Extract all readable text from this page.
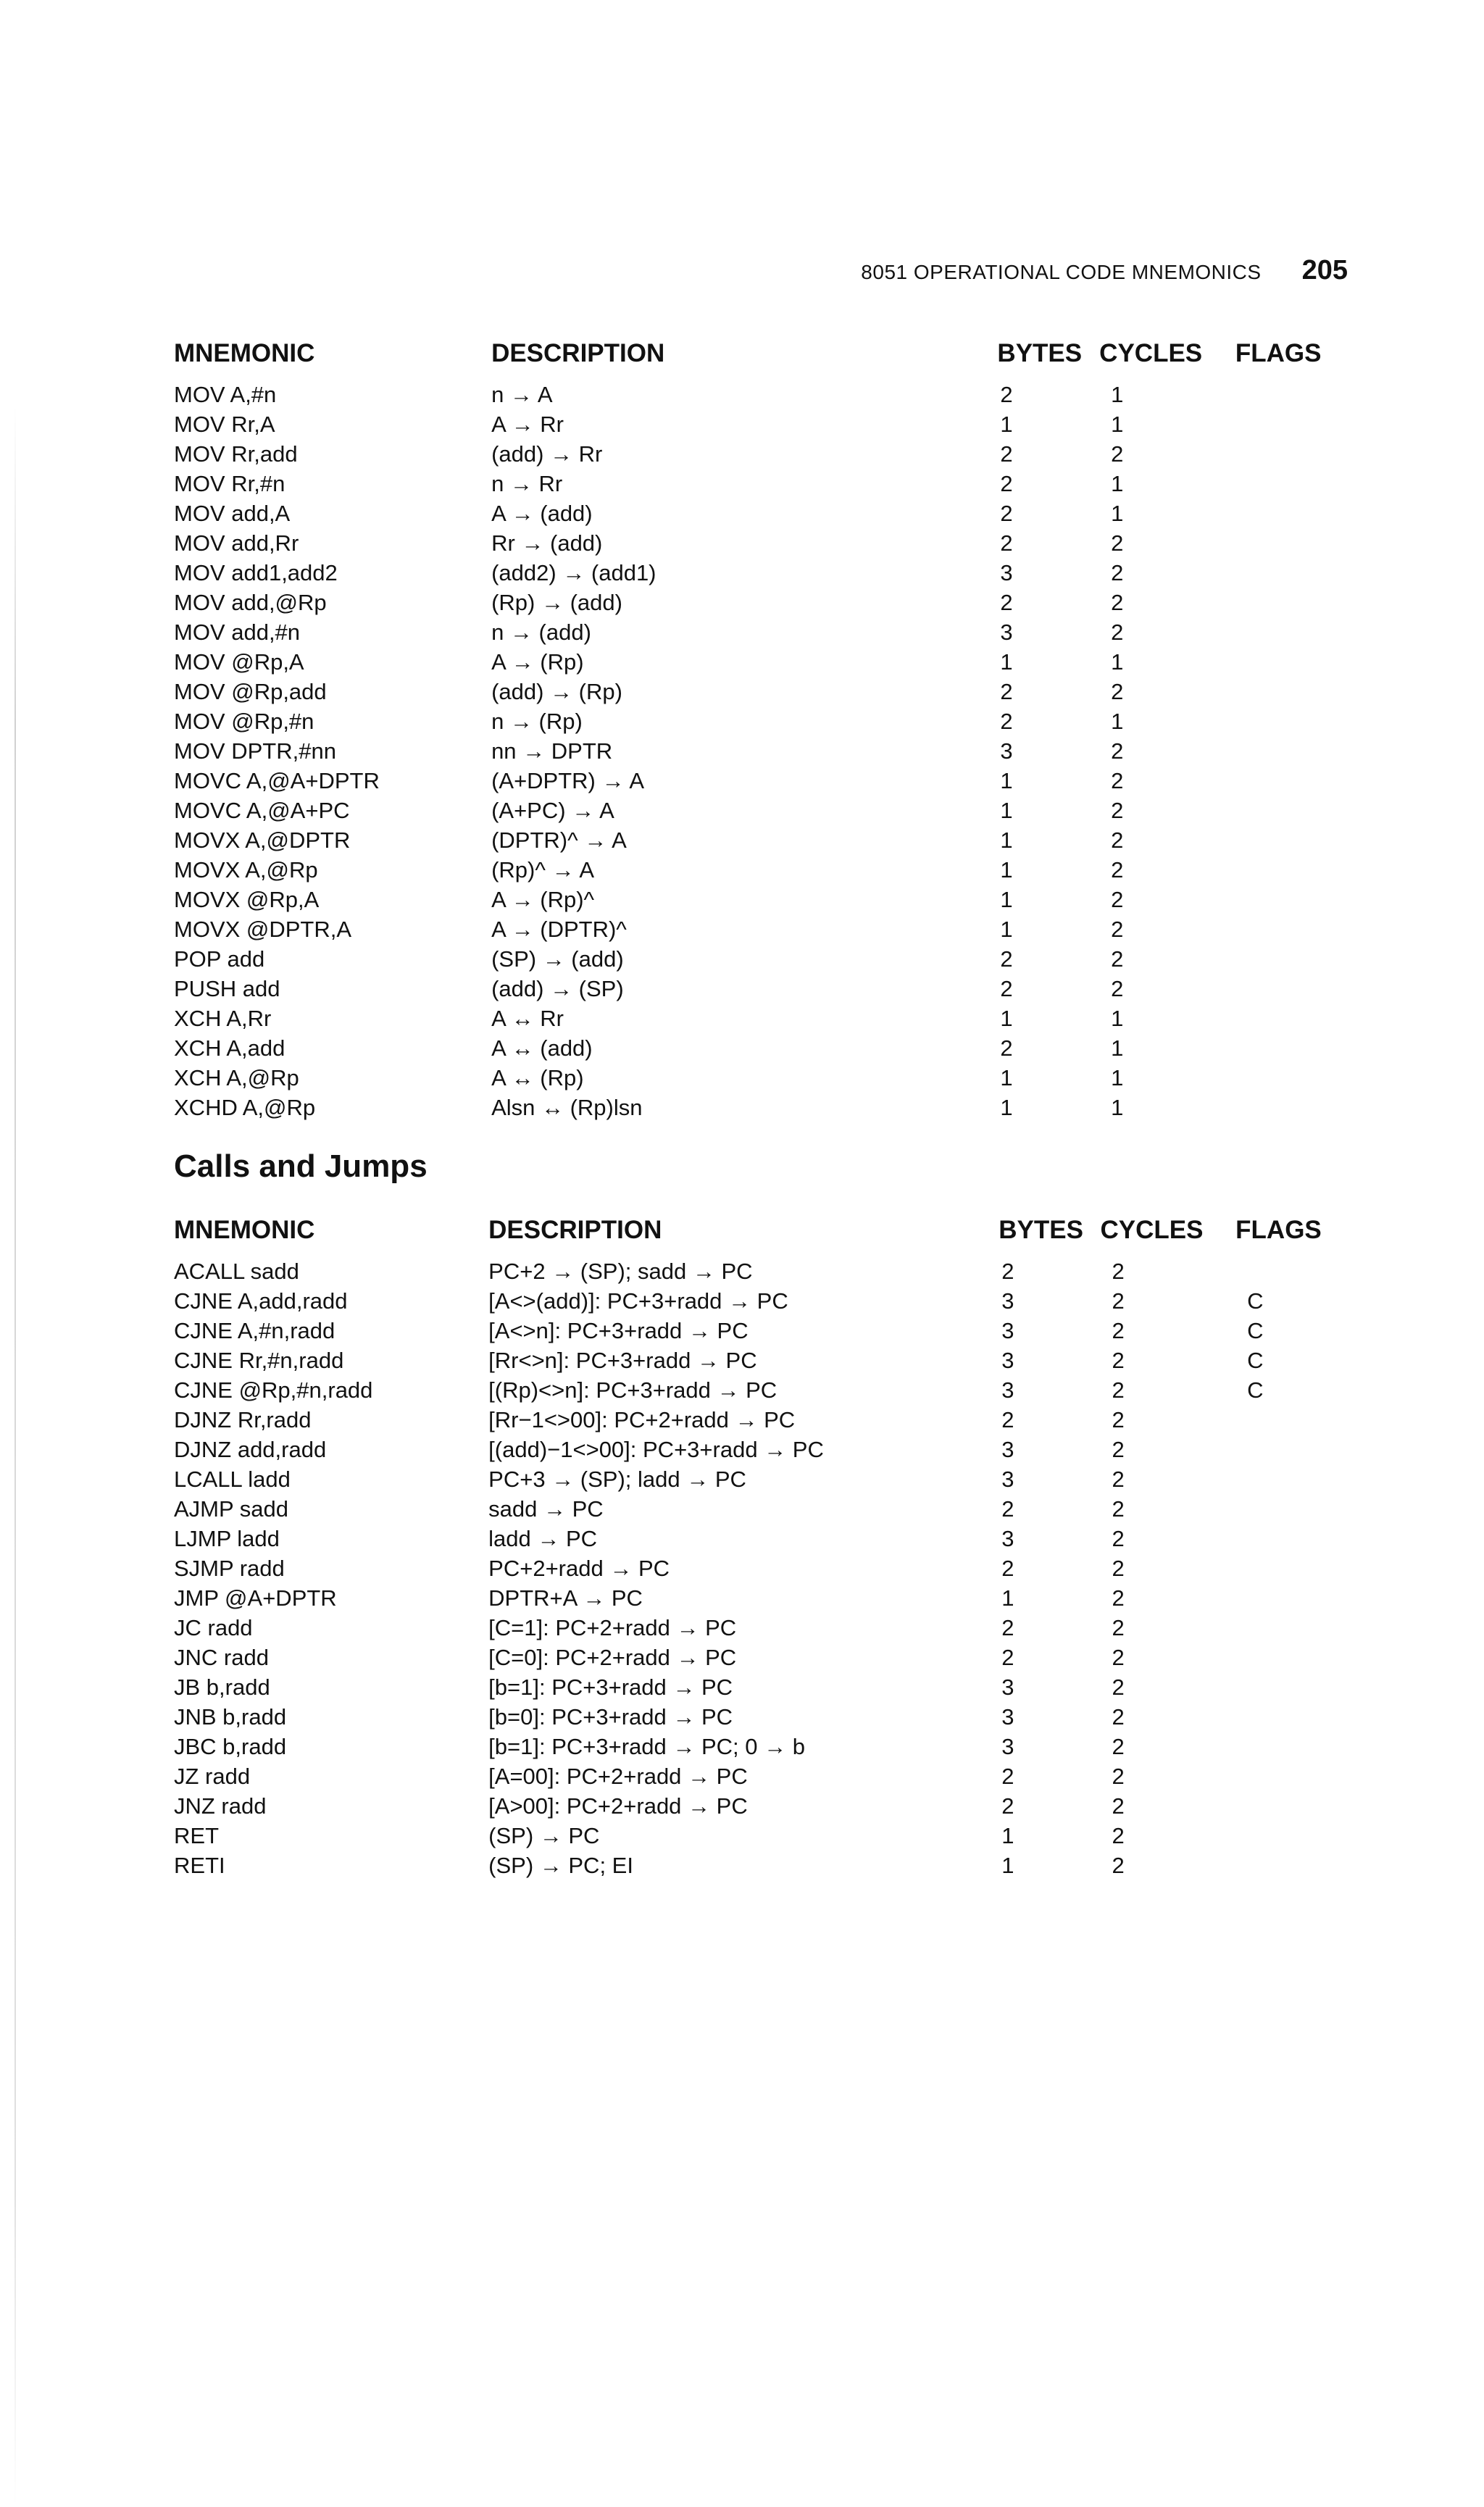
8051 OPERATIONAL CODE MNEMONICS 205
MNEMONIC	DESCRIPTION	BYTES	CYCLES	FLAGS
MOV A,#n	n → A	2	1	
MOV Rr,A	A → Rr	1	1	
MOV Rr,add	(add) → Rr	2	2	
MOV Rr,#n	n → Rr	2	1	
MOV add,A	A → (add)	2	1	
MOV add,Rr	Rr → (add)	2	2	
MOV add1,add2	(add2) → (add1)	3	2	
MOV add,@Rp	(Rp) → (add)	2	2	
MOV add,#n	n → (add)	3	2	
MOV @Rp,A	A → (Rp)	1	1	
MOV @Rp,add	(add) → (Rp)	2	2	
MOV @Rp,#n	n → (Rp)	2	1	
MOV DPTR,#nn	nn → DPTR	3	2	
MOVC A,@A+DPTR	(A+DPTR) → A	1	2	
MOVC A,@A+PC	(A+PC) → A	1	2	
MOVX A,@DPTR	(DPTR)^ → A	1	2	
MOVX A,@Rp	(Rp)^ → A	1	2	
MOVX @Rp,A	A → (Rp)^	1	2	
MOVX @DPTR,A	A → (DPTR)^	1	2	
POP add	(SP) → (add)	2	2	
PUSH add	(add) → (SP)	2	2	
XCH A,Rr	A ↔ Rr	1	1	
XCH A,add	A ↔ (add)	2	1	
XCH A,@Rp	A ↔ (Rp)	1	1	
XCHD A,@Rp	Alsn ↔ (Rp)lsn	1	1	
Calls and Jumps
MNEMONIC	DESCRIPTION	BYTES	CYCLES	FLAGS
ACALL sadd	PC+2 → (SP); sadd → PC	2	2	
CJNE A,add,radd	[A<>(add)]: PC+3+radd → PC	3	2	C
CJNE A,#n,radd	[A<>n]: PC+3+radd → PC	3	2	C
CJNE Rr,#n,radd	[Rr<>n]: PC+3+radd → PC	3	2	C
CJNE @Rp,#n,radd	[(Rp)<>n]: PC+3+radd → PC	3	2	C
DJNZ Rr,radd	[Rr−1<>00]: PC+2+radd → PC	2	2	
DJNZ add,radd	[(add)−1<>00]: PC+3+radd → PC	3	2	
LCALL ladd	PC+3 → (SP); ladd → PC	3	2	
AJMP sadd	sadd → PC	2	2	
LJMP ladd	ladd → PC	3	2	
SJMP radd	PC+2+radd → PC	2	2	
JMP @A+DPTR	DPTR+A → PC	1	2	
JC radd	[C=1]: PC+2+radd → PC	2	2	
JNC radd	[C=0]: PC+2+radd → PC	2	2	
JB b,radd	[b=1]: PC+3+radd → PC	3	2	
JNB b,radd	[b=0]: PC+3+radd → PC	3	2	
JBC b,radd	[b=1]: PC+3+radd → PC; 0 → b	3	2	
JZ radd	[A=00]: PC+2+radd → PC	2	2	
JNZ radd	[A>00]: PC+2+radd → PC	2	2	
RET	(SP) → PC	1	2	
RETI	(SP) → PC; EI	1	2	
